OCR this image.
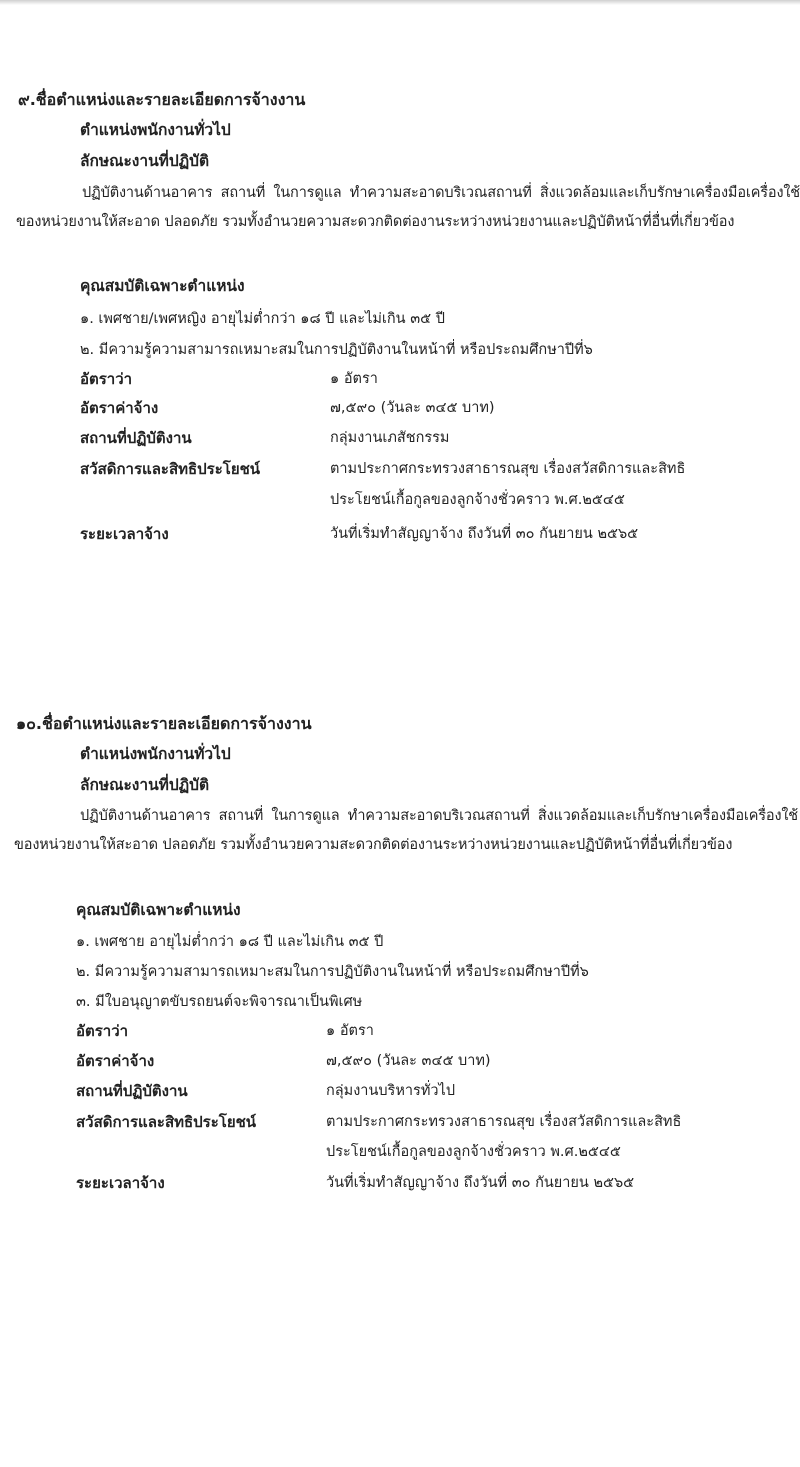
๙.ชื่อตำแหน่งและรายละเอียดการจ้างงาน
ตำแหน่งพนักงานทั่วไป
ลักษณะงานที่ปฏิบัติ

ปฏิบัติงานด้านอาคาร สถานที่ ในการดูแล ทำความสะอาดบริเวณสถานที่ สิ่งแวดล้อมและเก็บรักษาเครื่องมือเครื่องใช้ของหน่วยงานให้สะอาด ปลอดภัย รวมทั้งอำนวยความสะดวกติดต่องานระหว่างหน่วยงานและปฏิบัติหน้าที่อื่นที่เกี่ยวข้อง

คุณสมบัติเฉพาะตำแหน่ง
๑. เพศชาย/เพศหญิง อายุไม่ต่ำกว่า ๑๘ ปี และไม่เกิน ๓๕ ปี
๒. มีความรู้ความสามารถเหมาะสมในการปฏิบัติงานในหน้าที่ หรือประถมศึกษาปีที่๖
อัตราว่า	๑ อัตรา
อัตราค่าจ้าง	๗,๕๙๐ (วันละ ๓๔๕ บาท)
สถานที่ปฏิบัติงาน	กลุ่มงานเภสัชกรรม
สวัสดิการและสิทธิประโยชน์	ตามประกาศกระทรวงสาธารณสุข เรื่องสวัสดิการและสิทธิ
ประโยชน์เกื้อกูลของลูกจ้างชั่วคราว พ.ศ.๒๕๔๕
ระยะเวลาจ้าง	วันที่เริ่มทำสัญญาจ้าง ถึงวันที่ ๓๐ กันยายน ๒๕๖๕
๑๐.ชื่อตำแหน่งและรายละเอียดการจ้างงาน
ตำแหน่งพนักงานทั่วไป
ลักษณะงานที่ปฏิบัติ

ปฏิบัติงานด้านอาคาร สถานที่ ในการดูแล ทำความสะอาดบริเวณสถานที่ สิ่งแวดล้อมและเก็บรักษาเครื่องมือเครื่องใช้ของหน่วยงานให้สะอาด ปลอดภัย รวมทั้งอำนวยความสะดวกติดต่องานระหว่างหน่วยงานและปฏิบัติหน้าที่อื่นที่เกี่ยวข้อง

คุณสมบัติเฉพาะตำแหน่ง
๑. เพศชาย อายุไม่ต่ำกว่า ๑๘ ปี และไม่เกิน ๓๕ ปี
๒. มีความรู้ความสามารถเหมาะสมในการปฏิบัติงานในหน้าที่ หรือประถมศึกษาปีที่๖
๓. มีใบอนุญาตขับรถยนต์จะพิจารณาเป็นพิเศษ
อัตราว่า	๑ อัตรา
อัตราค่าจ้าง	๗,๕๙๐ (วันละ ๓๔๕ บาท)
สถานที่ปฏิบัติงาน	กลุ่มงานบริหารทั่วไป
สวัสดิการและสิทธิประโยชน์	ตามประกาศกระทรวงสาธารณสุข เรื่องสวัสดิการและสิทธิ
ประโยชน์เกื้อกูลของลูกจ้างชั่วคราว พ.ศ.๒๕๔๕
ระยะเวลาจ้าง	วันที่เริ่มทำสัญญาจ้าง ถึงวันที่ ๓๐ กันยายน ๒๕๖๕
